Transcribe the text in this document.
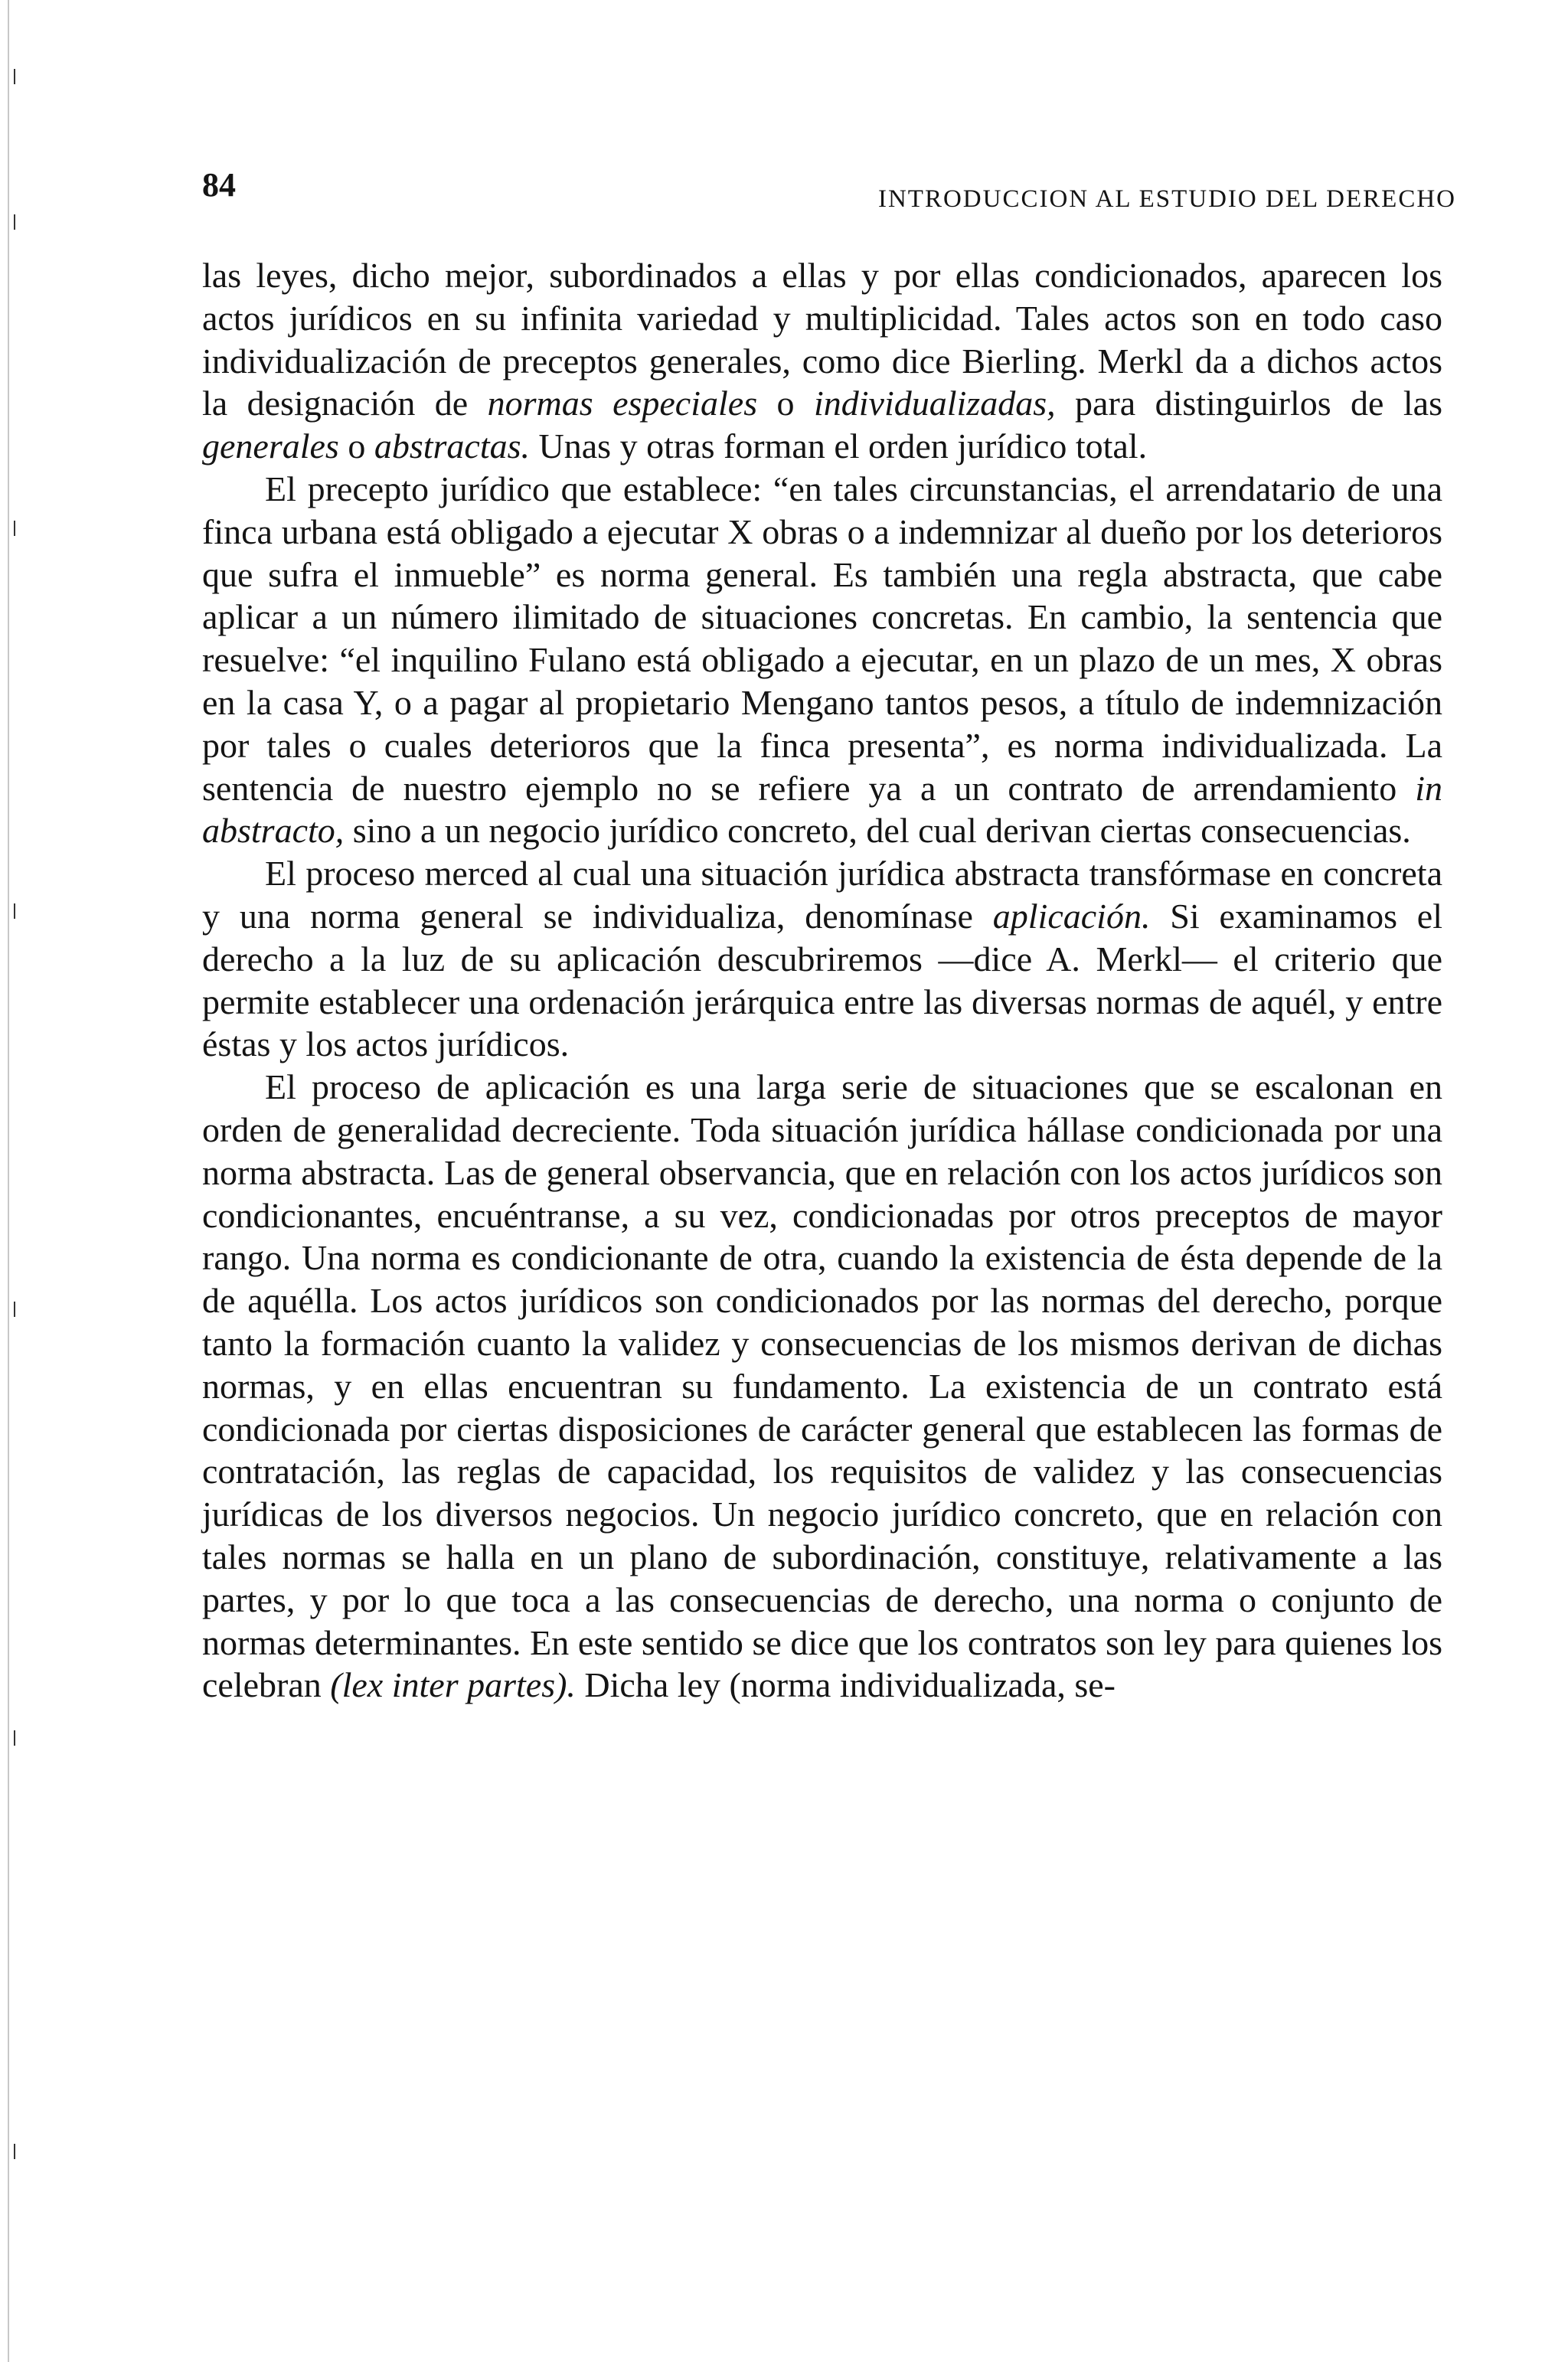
84	INTRODUCCION AL ESTUDIO DEL DERECHO

las leyes, dicho mejor, subordinados a ellas y por ellas condicionados, aparecen los actos jurídicos en su infinita variedad y multiplicidad. Tales actos son en todo caso individualización de preceptos generales, como dice Bierling. Merkl da a dichos actos la designación de normas especiales o individualizadas, para distinguirlos de las generales o abstractas. Unas y otras forman el orden jurídico total.

El precepto jurídico que establece: “en tales circunstancias, el arrendatario de una finca urbana está obligado a ejecutar X obras o a indemnizar al dueño por los deterioros que sufra el inmueble” es norma general. Es también una regla abstracta, que cabe aplicar a un número ilimitado de situaciones concretas. En cambio, la sentencia que resuelve: “el inquilino Fulano está obligado a ejecutar, en un plazo de un mes, X obras en la casa Y, o a pagar al propietario Mengano tantos pesos, a título de indemnización por tales o cuales deterioros que la finca presenta”, es norma individualizada. La sentencia de nuestro ejemplo no se refiere ya a un contrato de arrendamiento in abstracto, sino a un negocio jurídico concreto, del cual derivan ciertas consecuencias.

El proceso merced al cual una situación jurídica abstracta transfórmase en concreta y una norma general se individualiza, denomínase aplicación. Si examinamos el derecho a la luz de su aplicación descubriremos —dice A. Merkl— el criterio que permite establecer una ordenación jerárquica entre las diversas normas de aquél, y entre éstas y los actos jurídicos.

El proceso de aplicación es una larga serie de situaciones que se escalonan en orden de generalidad decreciente. Toda situación jurídica hállase condicionada por una norma abstracta. Las de general observancia, que en relación con los actos jurídicos son condicionantes, encuéntranse, a su vez, condicionadas por otros preceptos de mayor rango. Una norma es condicionante de otra, cuando la existencia de ésta depende de la de aquélla. Los actos jurídicos son condicionados por las normas del derecho, porque tanto la formación cuanto la validez y consecuencias de los mismos derivan de dichas normas, y en ellas encuentran su fundamento. La existencia de un contrato está condicionada por ciertas disposiciones de carácter general que establecen las formas de contratación, las reglas de capacidad, los requisitos de validez y las consecuencias jurídicas de los diversos negocios. Un negocio jurídico concreto, que en relación con tales normas se halla en un plano de subordinación, constituye, relativamente a las partes, y por lo que toca a las consecuencias de derecho, una norma o conjunto de normas determinantes. En este sentido se dice que los contratos son ley para quienes los celebran (lex inter partes). Dicha ley (norma individualizada, se-
